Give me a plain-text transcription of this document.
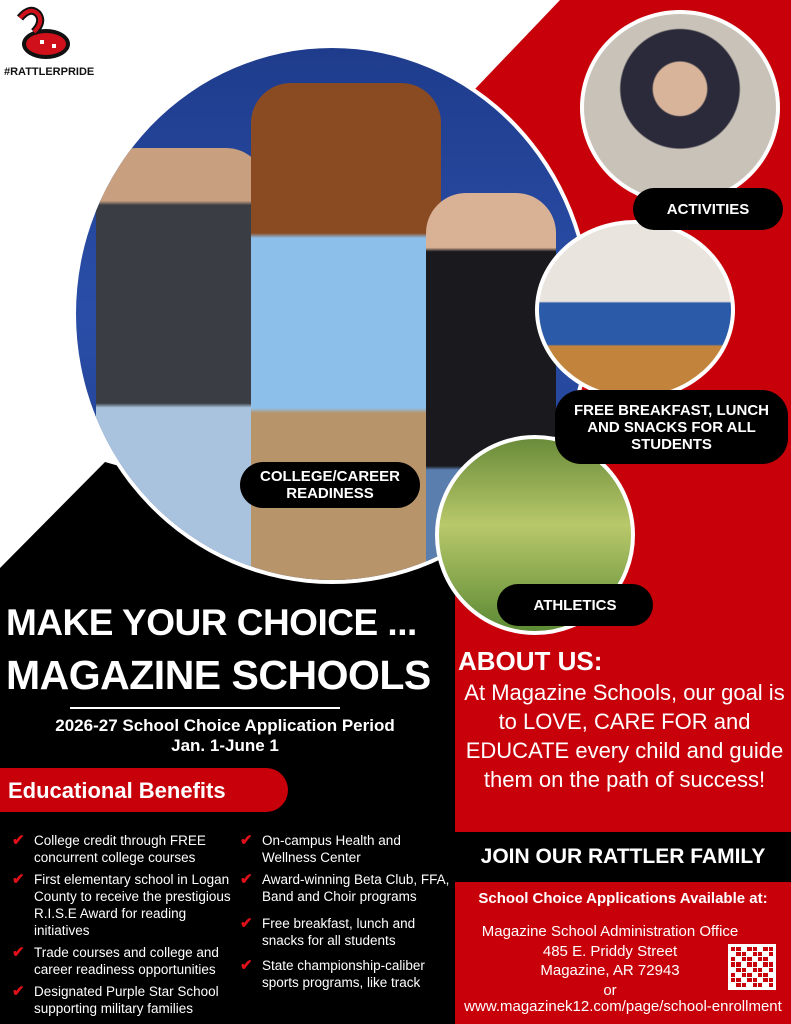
#RATTLERPRIDE
COLLEGE/CAREER READINESS
ACTIVITIES
FREE BREAKFAST, LUNCH AND SNACKS FOR ALL STUDENTS
ATHLETICS
MAKE YOUR CHOICE ...
MAGAZINE SCHOOLS
2026-27 School Choice Application Period
Jan. 1-June 1
Educational Benefits
✔ College credit through FREE concurrent college courses
✔ First elementary school in Logan County to receive the prestigious R.I.S.E Award for reading initiatives
✔ Trade courses and college and career readiness opportunities
✔ Designated Purple Star School supporting military families
✔ On-campus Health and Wellness Center
✔ Award-winning Beta Club, FFA, Band and Choir programs
✔ Free breakfast, lunch and snacks for all students
✔ State championship-caliber sports programs, like track
ABOUT US:
At Magazine Schools, our goal is to LOVE, CARE FOR and EDUCATE every child and guide them on the path of success!
JOIN OUR RATTLER FAMILY
School Choice Applications Available at:
Magazine School Administration Office
485 E. Priddy Street
Magazine, AR 72943
or
www.magazinek12.com/page/school-enrollment
